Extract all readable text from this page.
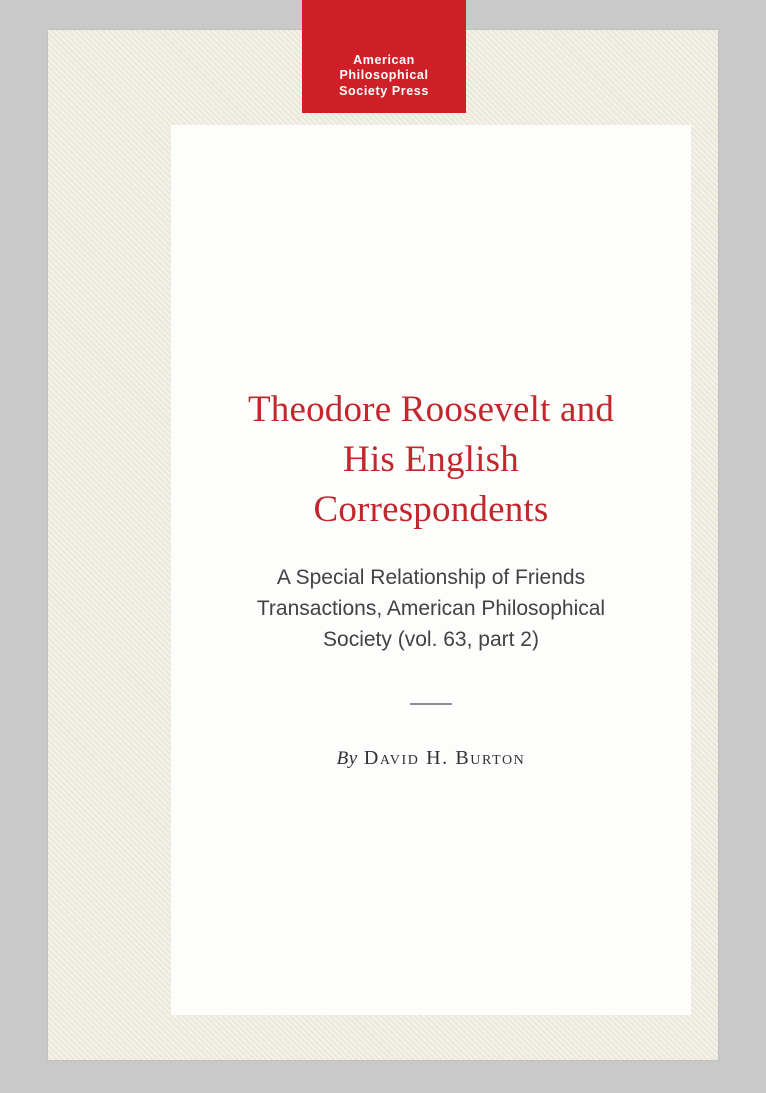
Theodore Roosevelt and
His English
Correspondents
A Special Relationship of Friends
Transactions, American Philosophical
Society (vol. 63, part 2)
By David H. Burton
American
Philosophical
Society Press
